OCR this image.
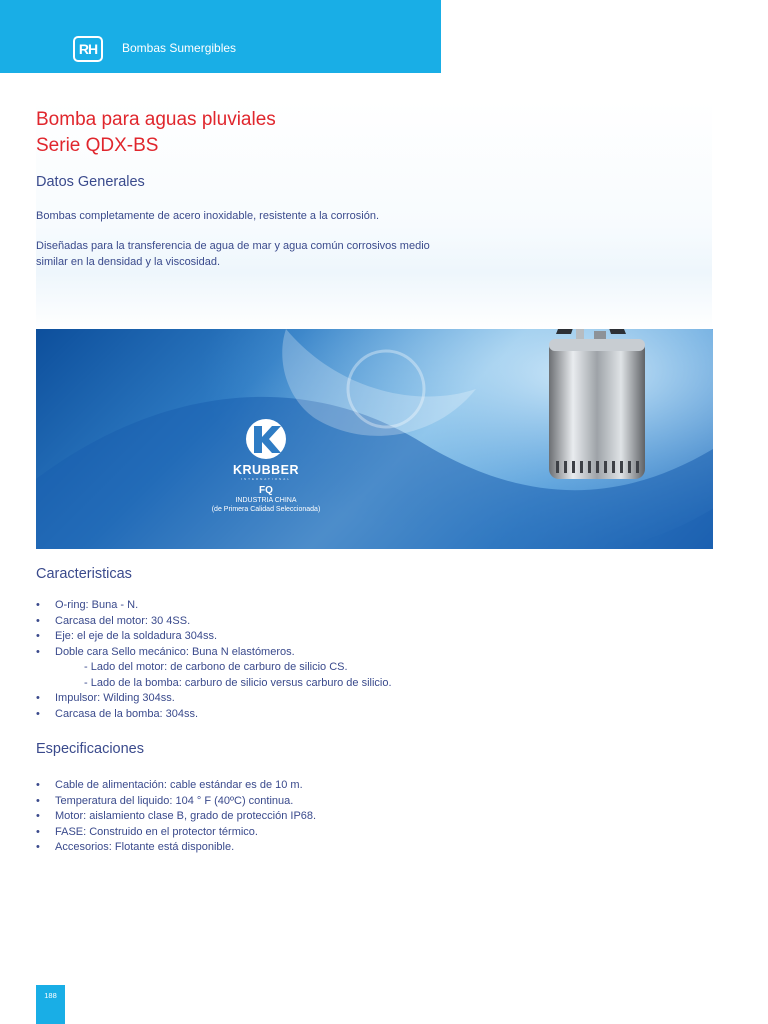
RH	Bombas Sumergibles
Bomba para aguas pluviales
Serie QDX-BS
Datos Generales
Bombas completamente de acero inoxidable, resistente a la corrosión.
Diseñadas para la transferencia de agua de mar y agua común corrosivos medio similar en la densidad y la viscosidad.
KRUBBER
INTERNATIONAL
FQ
INDUSTRIA CHINA
(de Primera Calidad Seleccionada)
Caracteristicas
• O-ring: Buna - N.
• Carcasa del motor: 30 4SS.
• Eje: el eje de la soldadura 304ss.
• Doble cara Sello mecánico: Buna N elastómeros.
- Lado del motor: de carbono de carburo de silicio CS.
- Lado de la bomba: carburo de silicio versus carburo de silicio.
• Impulsor: Wilding 304ss.
• Carcasa de la bomba: 304ss.
Especificaciones
• Cable de alimentación: cable estándar es de 10 m.
• Temperatura del liquido: 104 ° F (40ºC) continua.
• Motor: aislamiento clase B, grado de protección IP68.
• FASE: Construido en el protector térmico.
• Accesorios: Flotante está disponible.
188
